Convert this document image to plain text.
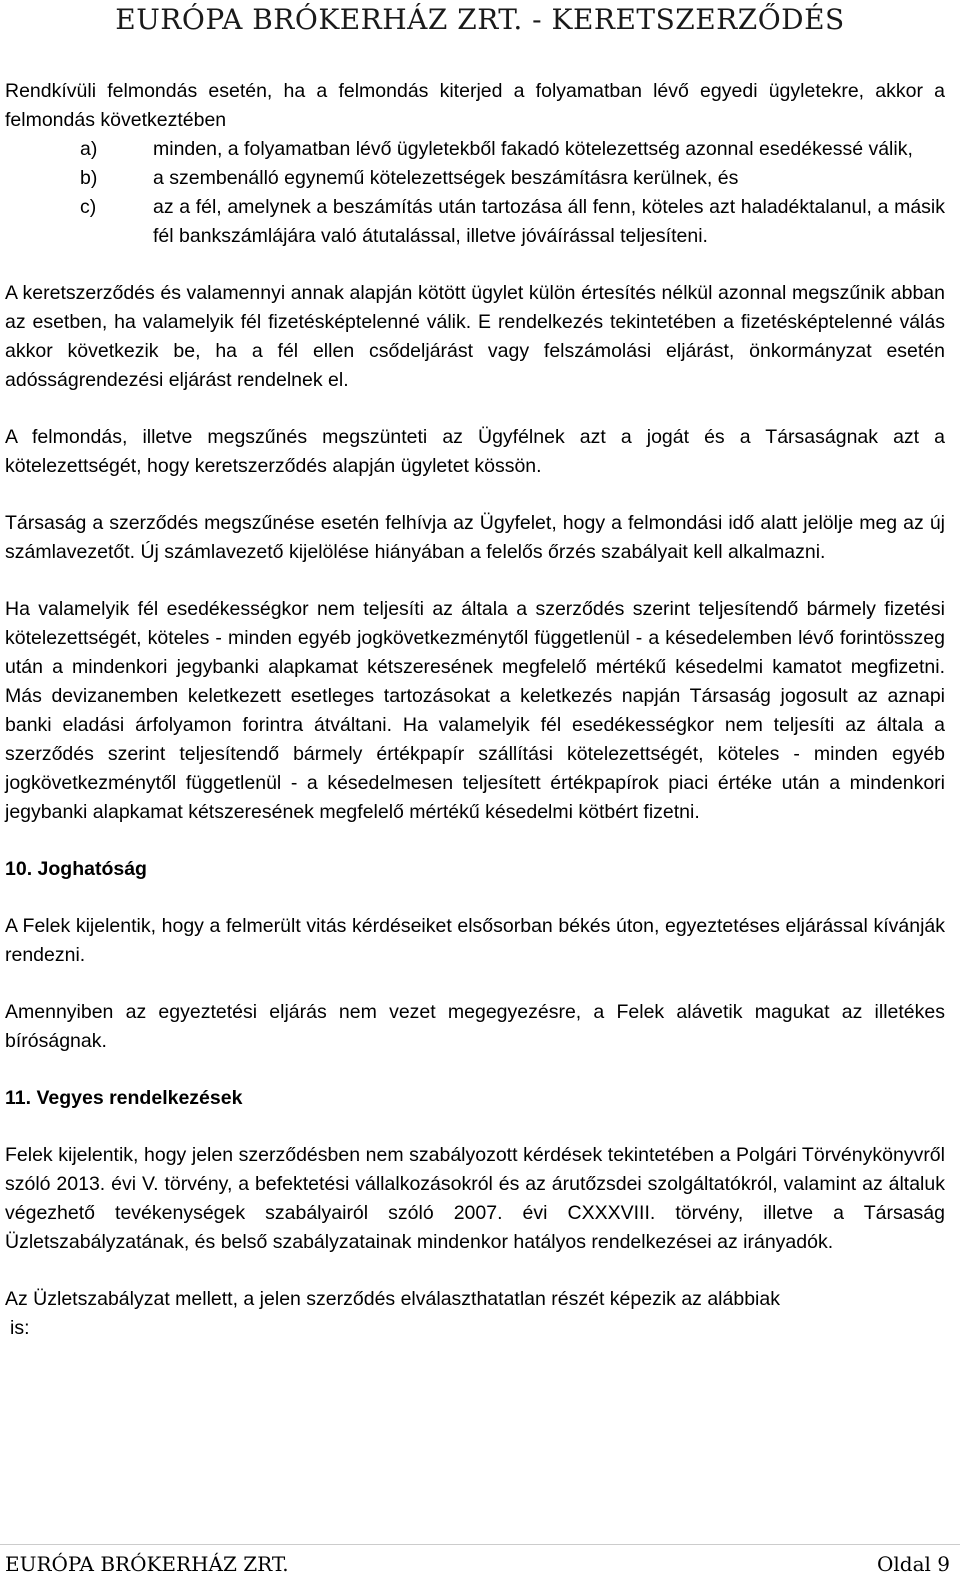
EURÓPA BRÓKERHÁZ ZRT. - KERETSZERZŐDÉS

Rendkívüli felmondás esetén, ha a felmondás kiterjed a folyamatban lévő egyedi ügyletekre, akkor a felmondás következtében

a)	minden, a folyamatban lévő ügyletekből fakadó kötelezettség azonnal esedékessé válik,
b)	a szembenálló egynemű kötelezettségek beszámításra kerülnek, és
c)	az a fél, amelynek a beszámítás után tartozása áll fenn, köteles azt haladéktalanul, a másik fél bankszámlájára való átutalással, illetve jóváírással teljesíteni.

A keretszerződés és valamennyi annak alapján kötött ügylet külön értesítés nélkül azonnal megszűnik abban az esetben, ha valamelyik fél fizetésképtelenné válik. E rendelkezés tekintetében a fizetésképtelenné válás akkor következik be, ha a fél ellen csődeljárást vagy felszámolási eljárást, önkormányzat esetén adósságrendezési eljárást rendelnek el.

A felmondás, illetve megszűnés megszünteti az Ügyfélnek azt a jogát és a Társaságnak azt a kötelezettségét, hogy keretszerződés alapján ügyletet kössön.

Társaság a szerződés megszűnése esetén felhívja az Ügyfelet, hogy a felmondási idő alatt jelölje meg az új számlavezetőt. Új számlavezető kijelölése hiányában a felelős őrzés szabályait kell alkalmazni.

Ha valamelyik fél esedékességkor nem teljesíti az általa a szerződés szerint teljesítendő bármely fizetési kötelezettségét, köteles - minden egyéb jogkövetkezménytől függetlenül - a késedelemben lévő forintösszeg után a mindenkori jegybanki alapkamat kétszeresének megfelelő mértékű késedelmi kamatot megfizetni. Más devizanemben keletkezett esetleges tartozásokat a keletkezés napján Társaság jogosult az aznapi banki eladási árfolyamon forintra átváltani. Ha valamelyik fél esedékességkor nem teljesíti az általa a szerződés szerint teljesítendő bármely értékpapír szállítási kötelezettségét, köteles - minden egyéb jogkövetkezménytől függetlenül - a késedelmesen teljesített értékpapírok piaci értéke után a mindenkori jegybanki alapkamat kétszeresének megfelelő mértékű késedelmi kötbért fizetni.

10. Joghatóság

A Felek kijelentik, hogy a felmerült vitás kérdéseiket elsősorban békés úton, egyeztetéses eljárással kívánják rendezni.

Amennyiben az egyeztetési eljárás nem vezet megegyezésre, a Felek alávetik magukat az illetékes bíróságnak.

11. Vegyes rendelkezések

Felek kijelentik, hogy jelen szerződésben nem szabályozott kérdések tekintetében a Polgári Törvénykönyvről szóló 2013. évi V. törvény, a befektetési vállalkozásokról és az árutőzsdei szolgáltatókról, valamint az általuk végezhető tevékenységek szabályairól szóló 2007. évi CXXXVIII. törvény, illetve a Társaság Üzletszabályzatának, és belső szabályzatainak mindenkor hatályos rendelkezései az irányadók.

Az Üzletszabályzat mellett, a jelen szerződés elválaszthatatlan részét képezik az alábbiak
is:
EURÓPA BRÓKERHÁZ ZRT.	Oldal 9
